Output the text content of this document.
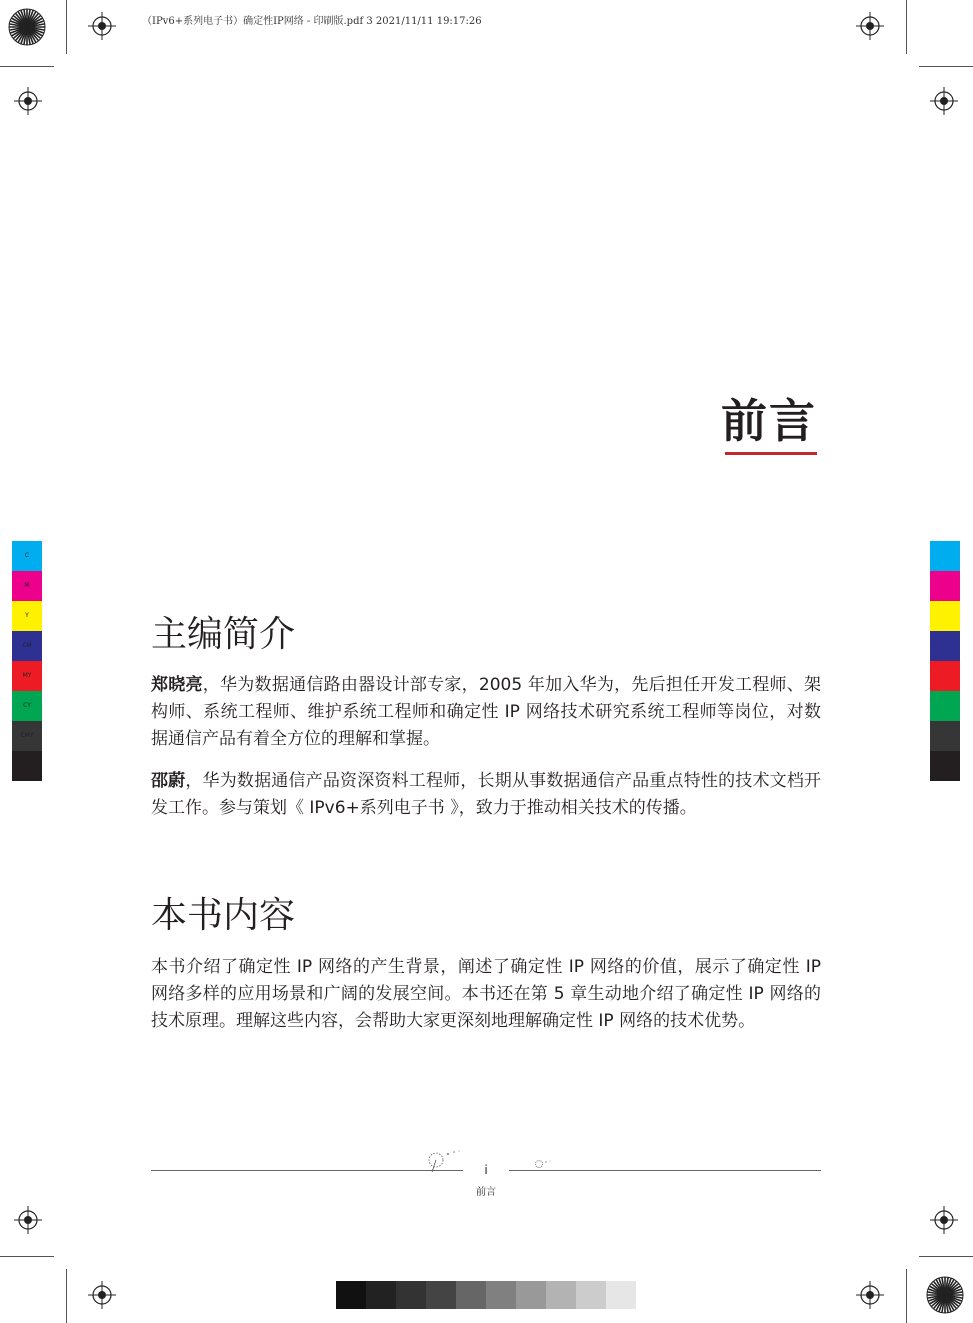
（IPv6+系列电子书）确定性IP网络 - 印刷版.pdf 3 2021/11/11 19:17:26
C
M
Y
CM
MY
CY
CMY
K
前言
主编简介
郑晓亮，华为数据通信路由器设计部专家，2005 年加入华为，先后担任开发工程师、架构师、系统工程师、维护系统工程师和确定性 IP 网络技术研究系统工程师等岗位，对数据通信产品有着全方位的理解和掌握。
邵蔚，华为数据通信产品资深资料工程师，长期从事数据通信产品重点特性的技术文档开发工作。参与策划《 IPv6+系列电子书 》，致力于推动相关技术的传播。
本书内容
本书介绍了确定性 IP 网络的产生背景，阐述了确定性 IP 网络的价值，展示了确定性 IP 网络多样的应用场景和广阔的发展空间。本书还在第 5 章生动地介绍了确定性 IP 网络的技术原理。理解这些内容，会帮助大家更深刻地理解确定性 IP 网络的技术优势。
i
前言
